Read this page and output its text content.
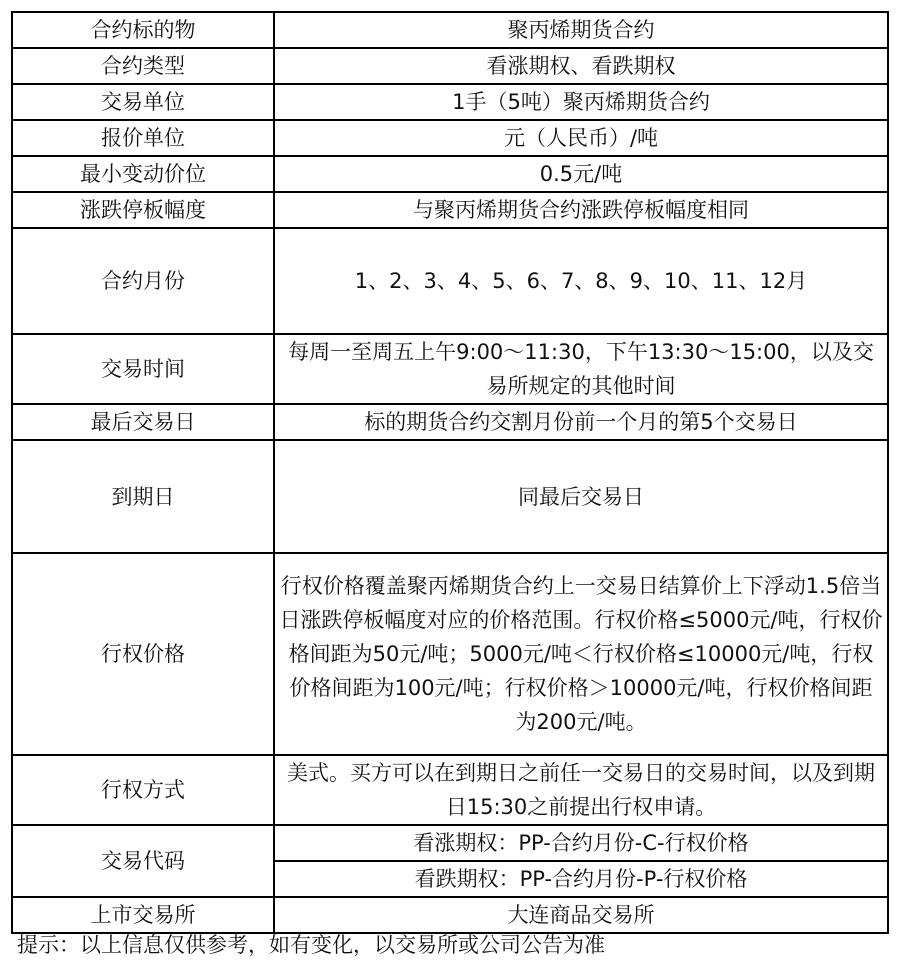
合约标的物	聚丙烯期货合约
合约类型	看涨期权、看跌期权
交易单位	1手（5吨）聚丙烯期货合约
报价单位	元（人民币）/吨
最小变动价位	0.5元/吨
涨跌停板幅度	与聚丙烯期货合约涨跌停板幅度相同
合约月份	1、2、3、4、5、6、7、8、9、10、11、12月
交易时间	每周一至周五上午9:00～11:30，下午13:30～15:00，以及交易所规定的其他时间
最后交易日	标的期货合约交割月份前一个月的第5个交易日
到期日	同最后交易日
行权价格	行权价格覆盖聚丙烯期货合约上一交易日结算价上下浮动1.5倍当日涨跌停板幅度对应的价格范围。行权价格≤5000元/吨，行权价格间距为50元/吨；5000元/吨＜行权价格≤10000元/吨，行权价格间距为100元/吨；行权价格＞10000元/吨，行权价格间距为200元/吨。
行权方式	美式。买方可以在到期日之前任一交易日的交易时间，以及到期日15:30之前提出行权申请。
交易代码	看涨期权：PP-合约月份-C-行权价格
	看跌期权：PP-合约月份-P-行权价格
上市交易所	大连商品交易所
提示：以上信息仅供参考，如有变化，以交易所或公司公告为准
